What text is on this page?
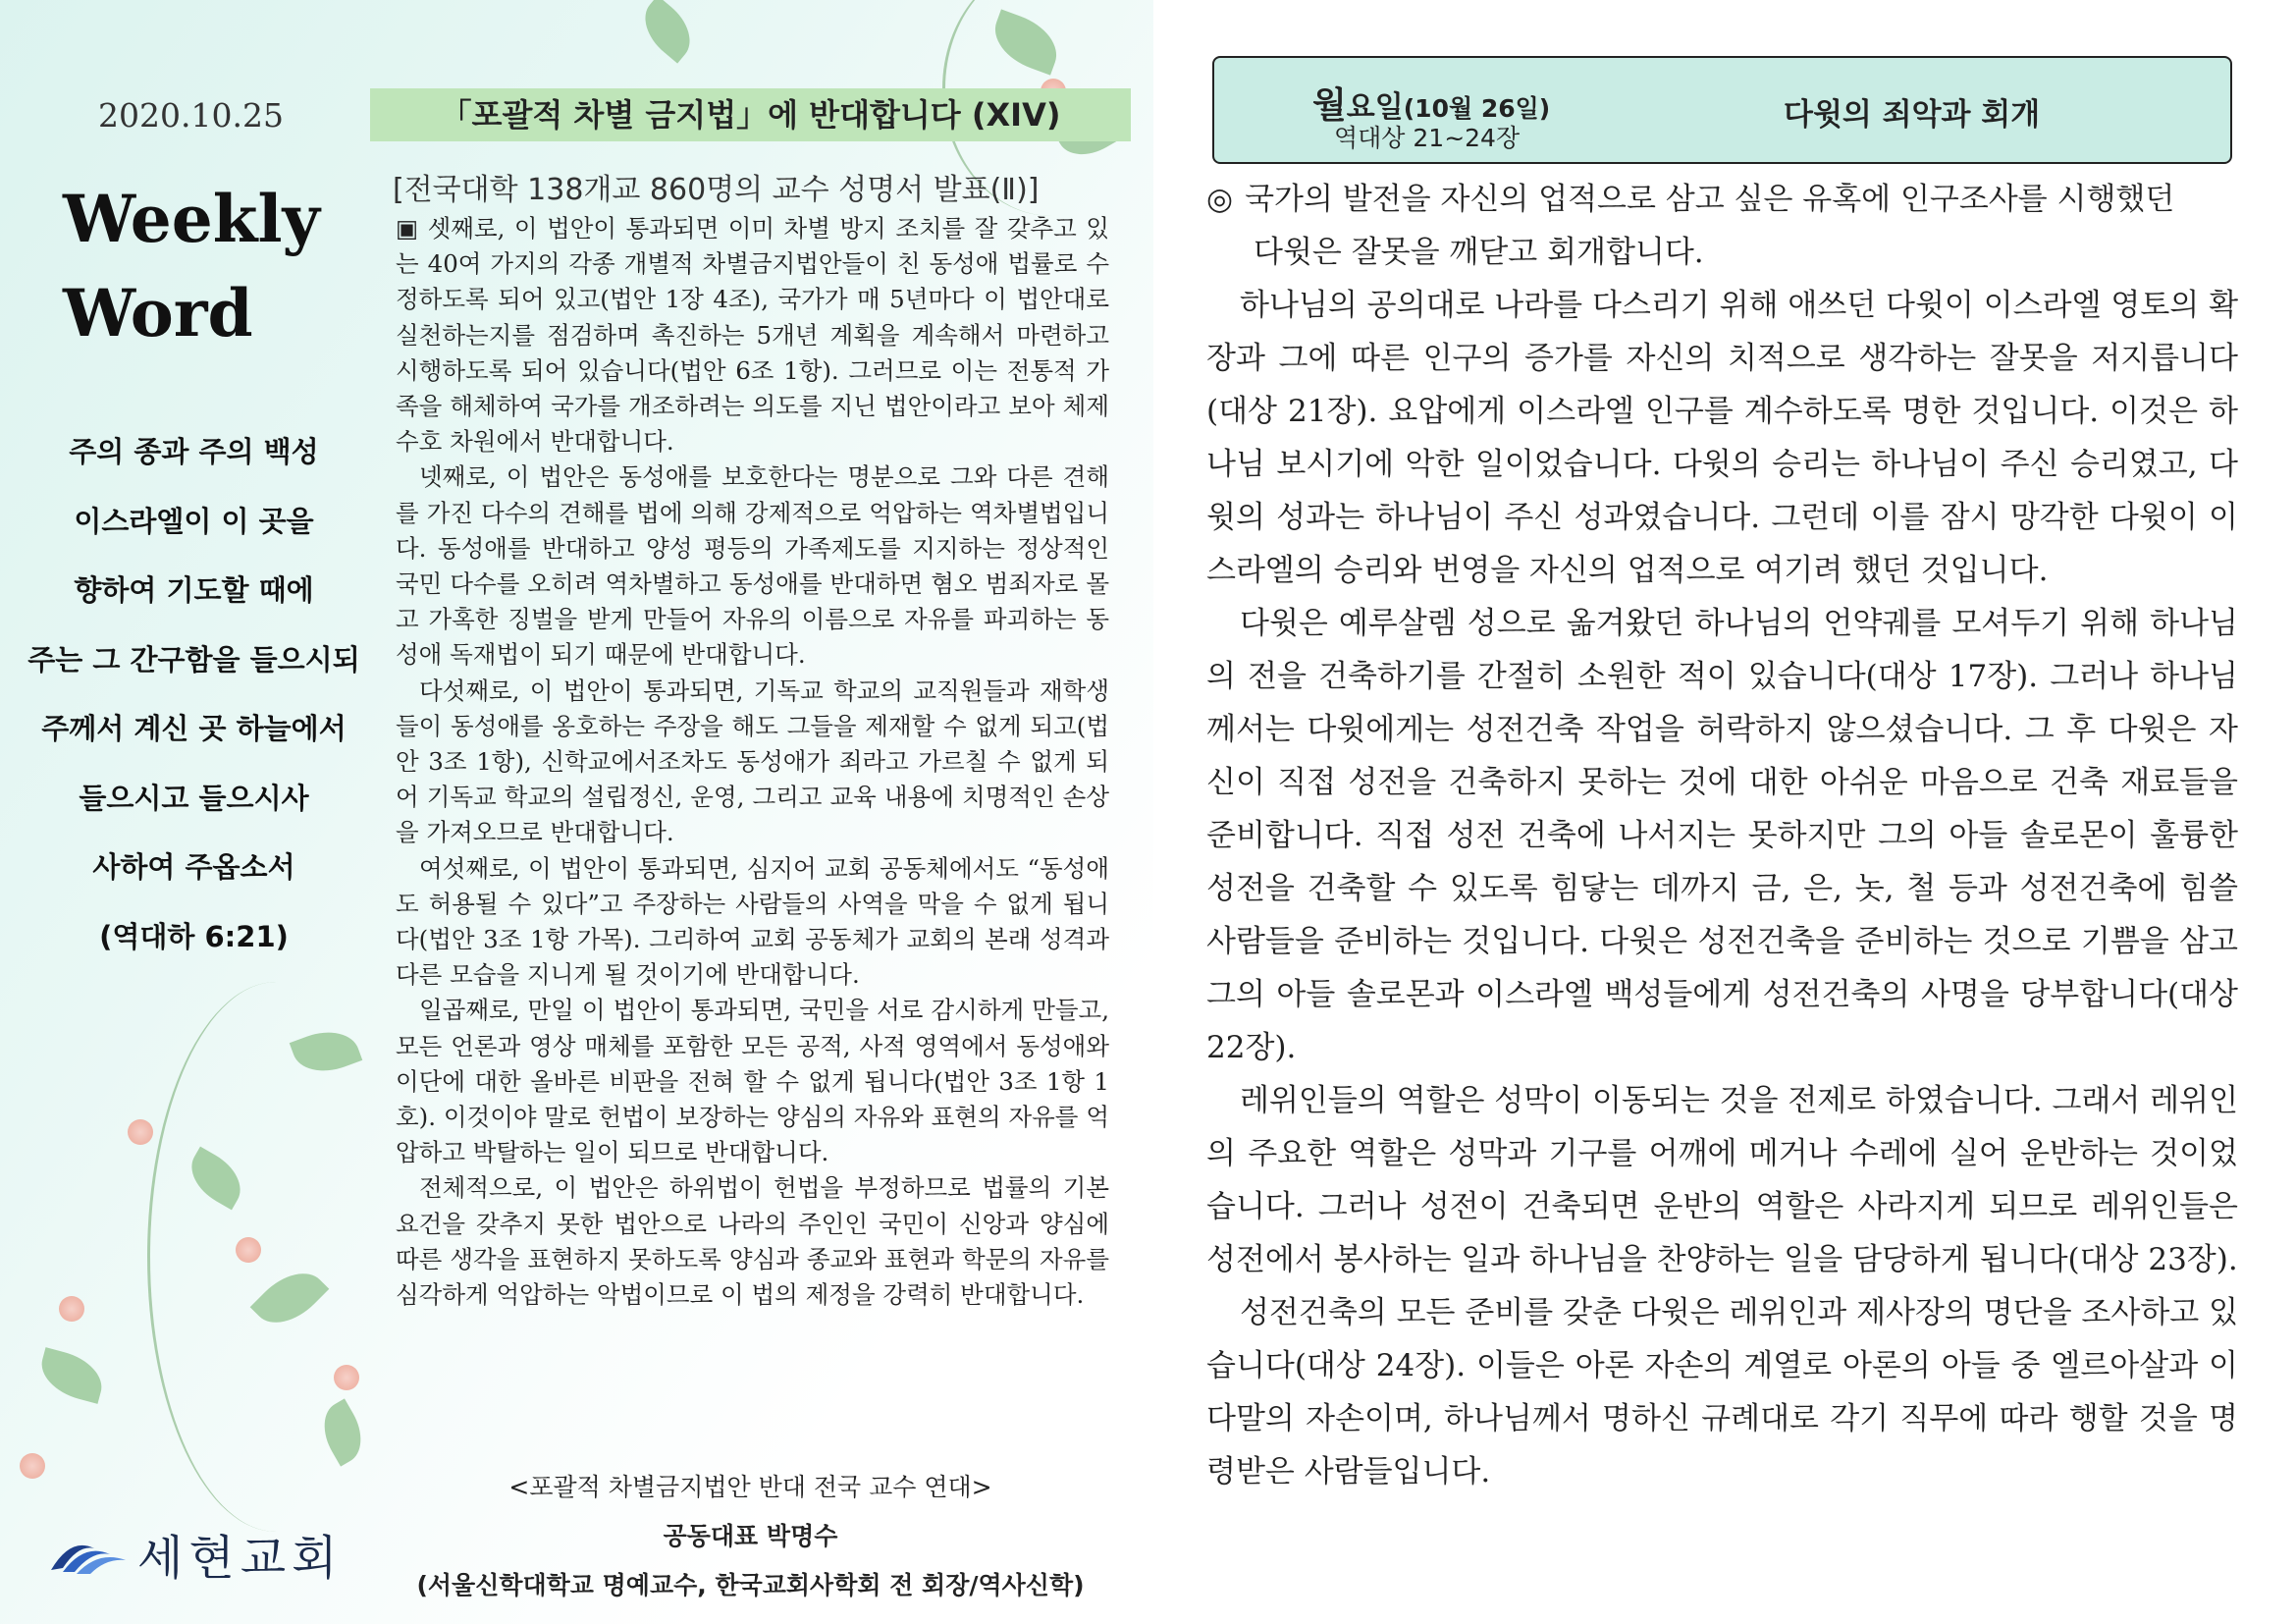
2020.10.25
Weekly
Word
주의 종과 주의 백성
이스라엘이 이 곳을
향하여 기도할 때에
주는 그 간구함을 들으시되
주께서 계신 곳 하늘에서
들으시고 들으시사
사하여 주옵소서
(역대하 6:21)
세현교회
「포괄적 차별 금지법」에 반대합니다 (XIV)
[전국대학 138개교 860명의 교수 성명서 발표(Ⅱ)]

▣ 셋째로, 이 법안이 통과되면 이미 차별 방지 조치를 잘 갖추고 있는 40여 가지의 각종 개별적 차별금지법안들이 친 동성애 법률로 수정하도록 되어 있고(법안 1장 4조), 국가가 매 5년마다 이 법안대로 실천하는지를 점검하며 촉진하는 5개년 계획을 계속해서 마련하고 시행하도록 되어 있습니다(법안 6조 1항). 그러므로 이는 전통적 가족을 해체하여 국가를 개조하려는 의도를 지닌 법안이라고 보아 체제 수호 차원에서 반대합니다.

넷째로, 이 법안은 동성애를 보호한다는 명분으로 그와 다른 견해를 가진 다수의 견해를 법에 의해 강제적으로 억압하는 역차별법입니다. 동성애를 반대하고 양성 평등의 가족제도를 지지하는 정상적인 국민 다수를 오히려 역차별하고 동성애를 반대하면 혐오 범죄자로 몰고 가혹한 징벌을 받게 만들어 자유의 이름으로 자유를 파괴하는 동성애 독재법이 되기 때문에 반대합니다.

다섯째로, 이 법안이 통과되면, 기독교 학교의 교직원들과 재학생들이 동성애를 옹호하는 주장을 해도 그들을 제재할 수 없게 되고(법안 3조 1항), 신학교에서조차도 동성애가 죄라고 가르칠 수 없게 되어 기독교 학교의 설립정신, 운영, 그리고 교육 내용에 치명적인 손상을 가져오므로 반대합니다.

여섯째로, 이 법안이 통과되면, 심지어 교회 공동체에서도 “동성애도 허용될 수 있다”고 주장하는 사람들의 사역을 막을 수 없게 됩니다(법안 3조 1항 가목). 그리하여 교회 공동체가 교회의 본래 성격과 다른 모습을 지니게 될 것이기에 반대합니다.

일곱째로, 만일 이 법안이 통과되면, 국민을 서로 감시하게 만들고, 모든 언론과 영상 매체를 포함한 모든 공적, 사적 영역에서 동성애와 이단에 대한 올바른 비판을 전혀 할 수 없게 됩니다(법안 3조 1항 1호). 이것이야 말로 헌법이 보장하는 양심의 자유와 표현의 자유를 억압하고 박탈하는 일이 되므로 반대합니다.

전체적으로, 이 법안은 하위법이 헌법을 부정하므로 법률의 기본 요건을 갖추지 못한 법안으로 나라의 주인인 국민이 신앙과 양심에 따른 생각을 표현하지 못하도록 양심과 종교와 표현과 학문의 자유를 심각하게 억압하는 악법이므로 이 법의 제정을 강력히 반대합니다.

<포괄적 차별금지법안 반대 전국 교수 연대>
공동대표 박명수
(서울신학대학교 명예교수, 한국교회사학회 전 회장/역사신학)
월요일(10월 26일)
역대상 21~24장
다윗의 죄악과 회개
◎ 국가의 발전을 자신의 업적으로 삼고 싶은 유혹에 인구조사를 시행했던
다윗은 잘못을 깨닫고 회개합니다.

하나님의 공의대로 나라를 다스리기 위해 애쓰던 다윗이 이스라엘 영토의 확장과 그에 따른 인구의 증가를 자신의 치적으로 생각하는 잘못을 저지릅니다(대상 21장). 요압에게 이스라엘 인구를 계수하도록 명한 것입니다. 이것은 하나님 보시기에 악한 일이었습니다. 다윗의 승리는 하나님이 주신 승리였고, 다윗의 성과는 하나님이 주신 성과였습니다. 그런데 이를 잠시 망각한 다윗이 이스라엘의 승리와 번영을 자신의 업적으로 여기려 했던 것입니다.

다윗은 예루살렘 성으로 옮겨왔던 하나님의 언약궤를 모셔두기 위해 하나님의 전을 건축하기를 간절히 소원한 적이 있습니다(대상 17장). 그러나 하나님께서는 다윗에게는 성전건축 작업을 허락하지 않으셨습니다. 그 후 다윗은 자신이 직접 성전을 건축하지 못하는 것에 대한 아쉬운 마음으로 건축 재료들을 준비합니다. 직접 성전 건축에 나서지는 못하지만 그의 아들 솔로몬이 훌륭한 성전을 건축할 수 있도록 힘닿는 데까지 금, 은, 놋, 철 등과 성전건축에 힘쓸 사람들을 준비하는 것입니다. 다윗은 성전건축을 준비하는 것으로 기쁨을 삼고 그의 아들 솔로몬과 이스라엘 백성들에게 성전건축의 사명을 당부합니다(대상 22장).

레위인들의 역할은 성막이 이동되는 것을 전제로 하였습니다. 그래서 레위인의 주요한 역할은 성막과 기구를 어깨에 메거나 수레에 실어 운반하는 것이었습니다. 그러나 성전이 건축되면 운반의 역할은 사라지게 되므로 레위인들은 성전에서 봉사하는 일과 하나님을 찬양하는 일을 담당하게 됩니다(대상 23장).

성전건축의 모든 준비를 갖춘 다윗은 레위인과 제사장의 명단을 조사하고 있습니다(대상 24장). 이들은 아론 자손의 계열로 아론의 아들 중 엘르아살과 이다말의 자손이며, 하나님께서 명하신 규례대로 각기 직무에 따라 행할 것을 명령받은 사람들입니다.
